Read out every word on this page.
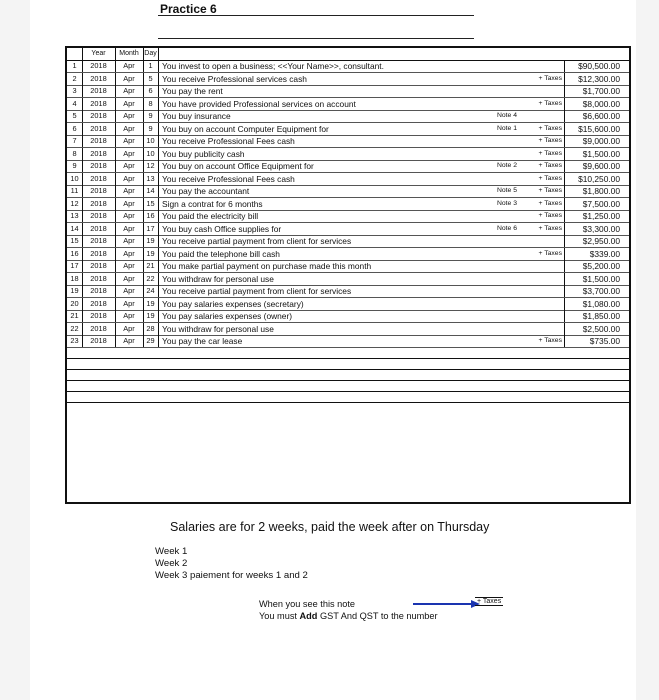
Practice 6
Year	Month Day
1	2018	Apr	1	You invest to open a business; <<Your Name>>, consultant.	$90,500.00
2	2018	Apr	5	You receive Professional services cash	+ Taxes	$12,300.00
3	2018	Apr	6	You pay the rent	$1,700.00
4	2018	Apr	8	You have provided Professional services on account	+ Taxes	$8,000.00
5	2018	Apr	9	You buy insurance	Note 4	$6,600.00
6	2018	Apr	9	You buy on account Computer Equipment for	Note 1	+ Taxes	$15,600.00
7	2018	Apr	10 You receive Professional Fees cash	+ Taxes	$9,000.00
8	2018	Apr	10 You buy publicity cash	+ Taxes	$1,500.00
9	2018	Apr	12 You buy on account Office Equipment for	Note 2	+ Taxes	$9,600.00
10	2018	Apr	13 You receive Professional Fees cash	+ Taxes	$10,250.00
11	2018	Apr	14 You pay the accountant	Note 5	+ Taxes	$1,800.00
12	2018	Apr	15 Sign a contrat for 6 months	Note 3	+ Taxes	$7,500.00
13	2018	Apr	16 You paid the electricity bill	+ Taxes	$1,250.00
14	2018	Apr	17 You buy cash Office supplies for	Note 6	+ Taxes	$3,300.00
15	2018	Apr	19 You receive partial payment from client for services	$2,950.00
16	2018	Apr	19 You paid the telephone bill cash	+ Taxes	$339.00
17	2018	Apr	21 You make partial payment on purchase made this month	$5,200.00
18	2018	Apr	22 You withdraw for personal use	$1,500.00
19	2018	Apr	24 You receive partial payment from client for services	$3,700.00
20	2018	Apr	19 You pay salaries expenses (secretary)	$1,080.00
21	2018	Apr	19 You pay salaries expenses (owner)	$1,850.00
22	2018	Apr	28 You withdraw for personal use	$2,500.00
23	2018	Apr	29 You pay the car lease	+ Taxes	$735.00
Salaries are for 2 weeks, paid the week after on Thursday
Week 1
Week 2
Week 3 paiement for weeks 1 and 2
When you see this note
You must Add GST And QST to the number
+ Taxes
